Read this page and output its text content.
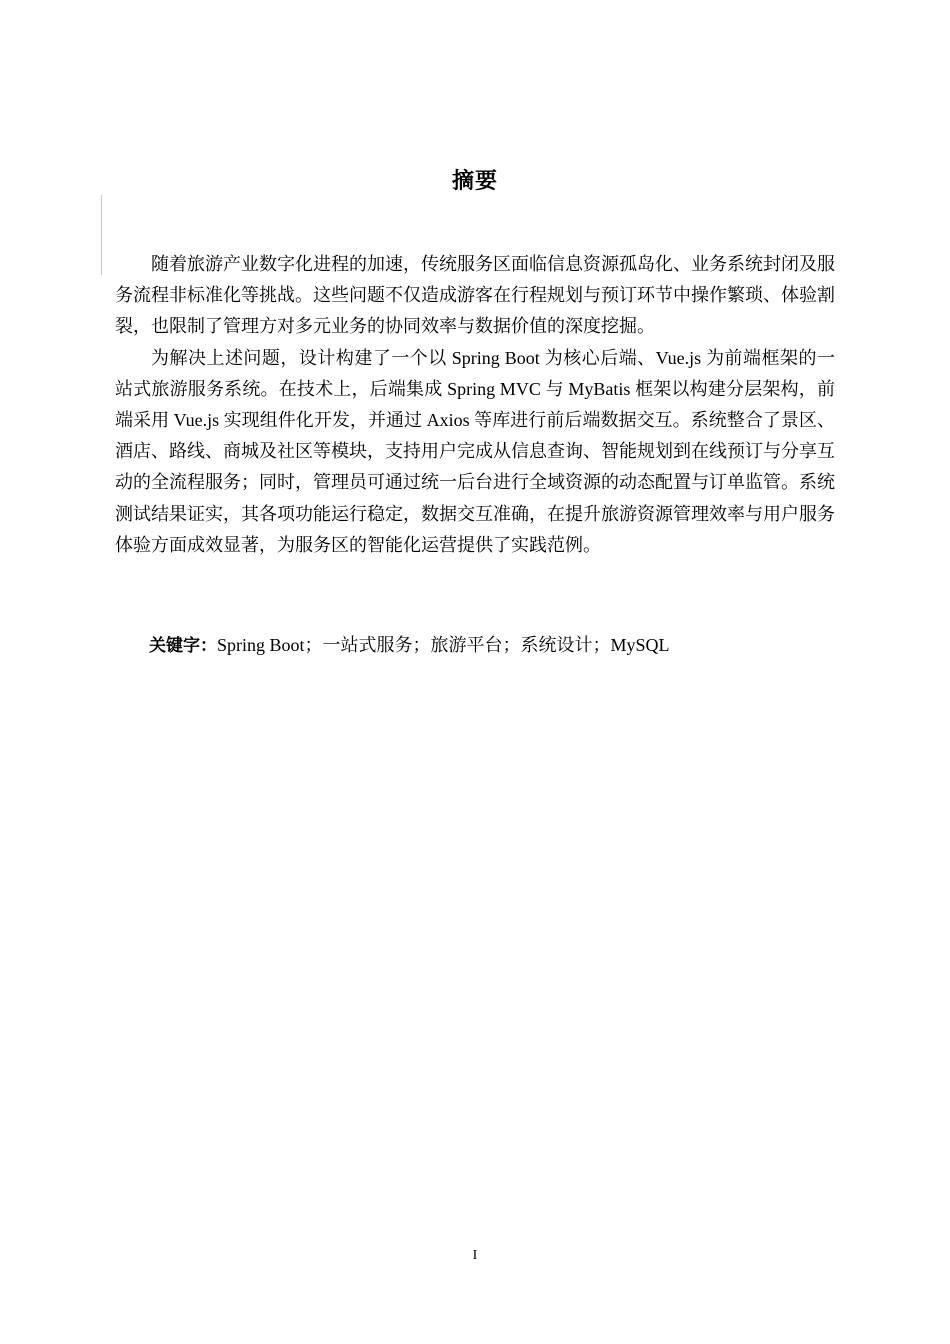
摘要

随着旅游产业数字化进程的加速，传统服务区面临信息资源孤岛化、业务系统封闭及服务流程非标准化等挑战。这些问题不仅造成游客在行程规划与预订环节中操作繁琐、体验割裂，也限制了管理方对多元业务的协同效率与数据价值的深度挖掘。

为解决上述问题，设计构建了一个以 Spring Boot 为核心后端、Vue.js 为前端框架的一站式旅游服务系统。在技术上，后端集成 Spring MVC 与 MyBatis 框架以构建分层架构，前端采用 Vue.js 实现组件化开发，并通过 Axios 等库进行前后端数据交互。系统整合了景区、酒店、路线、商城及社区等模块，支持用户完成从信息查询、智能规划到在线预订与分享互动的全流程服务；同时，管理员可通过统一后台进行全域资源的动态配置与订单监管。系统测试结果证实，其各项功能运行稳定，数据交互准确，在提升旅游资源管理效率与用户服务体验方面成效显著，为服务区的智能化运营提供了实践范例。

关键字：Spring Boot；一站式服务；旅游平台；系统设计；MySQL
I
